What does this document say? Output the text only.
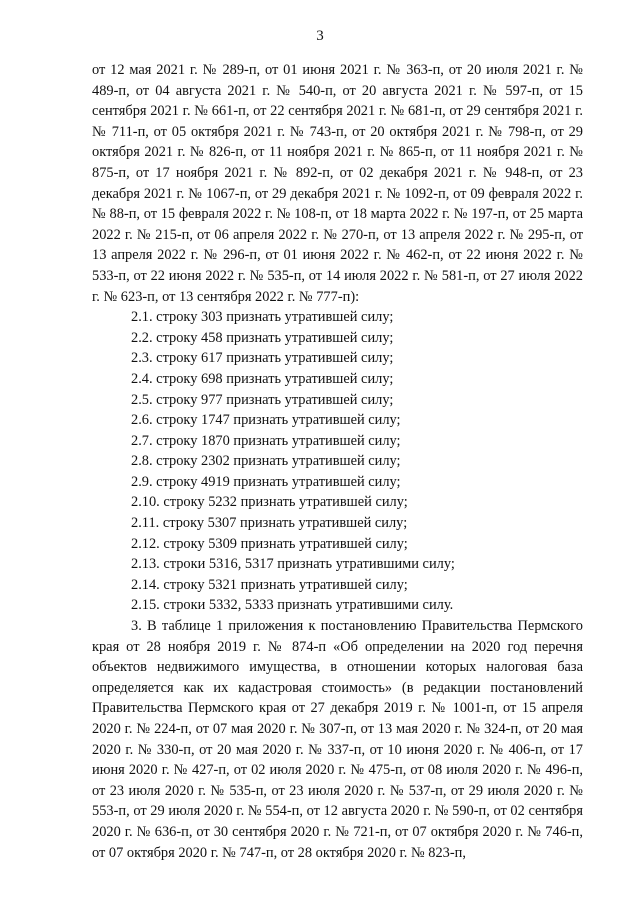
3

от 12 мая 2021 г. № 289-п, от 01 июня 2021 г. № 363-п, от 20 июля 2021 г. № 489-п, от 04 августа 2021 г. № 540-п, от 20 августа 2021 г. № 597-п, от 15 сентября 2021 г. № 661-п, от 22 сентября 2021 г. № 681-п, от 29 сентября 2021 г. № 711-п, от 05 октября 2021 г. № 743-п, от 20 октября 2021 г. № 798-п, от 29 октября 2021 г. № 826-п, от 11 ноября 2021 г. № 865-п, от 11 ноября 2021 г. № 875-п, от 17 ноября 2021 г. № 892-п, от 02 декабря 2021 г. № 948-п, от 23 декабря 2021 г. № 1067-п, от 29 декабря 2021 г. № 1092-п, от 09 февраля 2022 г. № 88-п, от 15 февраля 2022 г. № 108-п, от 18 марта 2022 г. № 197-п, от 25 марта 2022 г. № 215-п, от 06 апреля 2022 г. № 270-п, от 13 апреля 2022 г. № 295-п, от 13 апреля 2022 г. № 296-п, от 01 июня 2022 г. № 462-п, от 22 июня 2022 г. № 533-п, от 22 июня 2022 г. № 535-п, от 14 июля 2022 г. № 581-п, от 27 июля 2022 г. № 623-п, от 13 сентября 2022 г. № 777-п):

2.1. строку 303 признать утратившей силу;
2.2. строку 458 признать утратившей силу;
2.3. строку 617 признать утратившей силу;
2.4. строку 698 признать утратившей силу;
2.5. строку 977 признать утратившей силу;
2.6. строку 1747 признать утратившей силу;
2.7. строку 1870 признать утратившей силу;
2.8. строку 2302 признать утратившей силу;
2.9. строку 4919 признать утратившей силу;
2.10. строку 5232 признать утратившей силу;
2.11. строку 5307 признать утратившей силу;
2.12. строку 5309 признать утратившей силу;
2.13. строки 5316, 5317 признать утратившими силу;
2.14. строку 5321 признать утратившей силу;
2.15. строки 5332, 5333 признать утратившими силу.

3. В таблице 1 приложения к постановлению Правительства Пермского края от 28 ноября 2019 г. № 874-п «Об определении на 2020 год перечня объектов недвижимого имущества, в отношении которых налоговая база определяется как их кадастровая стоимость» (в редакции постановлений Правительства Пермского края от 27 декабря 2019 г. № 1001-п, от 15 апреля 2020 г. № 224-п, от 07 мая 2020 г. № 307-п, от 13 мая 2020 г. № 324-п, от 20 мая 2020 г. № 330-п, от 20 мая 2020 г. № 337-п, от 10 июня 2020 г. № 406-п, от 17 июня 2020 г. № 427-п, от 02 июля 2020 г. № 475-п, от 08 июля 2020 г. № 496-п, от 23 июля 2020 г. № 535-п, от 23 июля 2020 г. № 537-п, от 29 июля 2020 г. № 553-п, от 29 июля 2020 г. № 554-п, от 12 августа 2020 г. № 590-п, от 02 сентября 2020 г. № 636-п, от 30 сентября 2020 г. № 721-п, от 07 октября 2020 г. № 746-п, от 07 октября 2020 г. № 747-п, от 28 октября 2020 г. № 823-п,
